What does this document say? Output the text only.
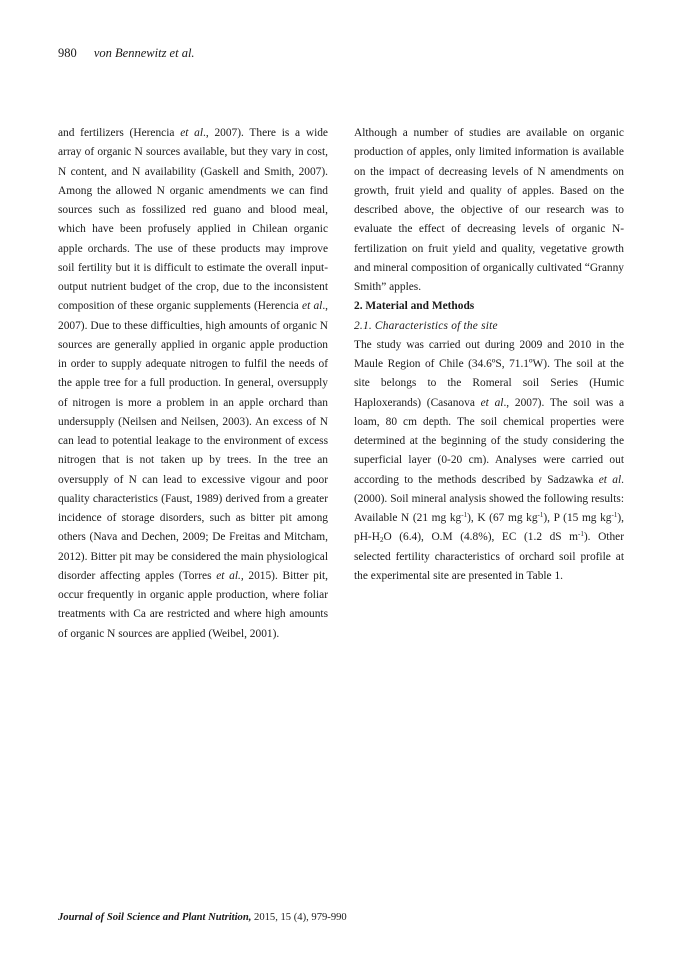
980 von Bennewitz et al.

and fertilizers (Herencia et al., 2007). There is a wide array of organic N sources available, but they vary in cost, N content, and N availability (Gaskell and Smith, 2007). Among the allowed N organic amendments we can find sources such as fossilized red guano and blood meal, which have been profusely applied in Chilean organic apple orchards. The use of these products may improve soil fertility but it is difficult to estimate the overall input-output nutrient budget of the crop, due to the inconsistent composition of these organic supplements (Herencia et al., 2007). Due to these difficulties, high amounts of organic N sources are generally applied in organic apple production in order to supply adequate nitrogen to fulfil the needs of the apple tree for a full production. In general, oversupply of nitrogen is more a problem in an apple orchard than undersupply (Neilsen and Neilsen, 2003). An excess of N can lead to potential leakage to the environment of excess nitrogen that is not taken up by trees. In the tree an oversupply of N can lead to excessive vigour and poor quality characteristics (Faust, 1989) derived from a greater incidence of storage disorders, such as bitter pit among others (Nava and Dechen, 2009; De Freitas and Mitcham, 2012). Bitter pit may be considered the main physiological disorder affecting apples (Torres et al., 2015). Bitter pit, occur frequently in organic apple production, where foliar treatments with Ca are restricted and where high amounts of organic N sources are applied (Weibel, 2001).

Although a number of studies are available on organic production of apples, only limited information is available on the impact of decreasing levels of N amendments on growth, fruit yield and quality of apples. Based on the described above, the objective of our research was to evaluate the effect of decreasing levels of organic N-fertilization on fruit yield and quality, vegetative growth and mineral composition of organically cultivated “Granny Smith” apples.

2. Material and Methods

2.1. Characteristics of the site

The study was carried out during 2009 and 2010 in the Maule Region of Chile (34.6ºS, 71.1ºW). The soil at the site belongs to the Romeral soil Series (Humic Haploxerands) (Casanova et al., 2007). The soil was a loam, 80 cm depth. The soil chemical properties were determined at the beginning of the study considering the superficial layer (0-20 cm). Analyses were carried out according to the methods described by Sadzawka et al. (2000). Soil mineral analysis showed the following results: Available N (21 mg $kg^{-1}$), K (67 mg $kg^{-1}$), P (15 mg $kg^{-1}$), $pH-H_2O$ (6.4), O.M (4.8%), EC (1.2 dS $m^{-1}$). Other selected fertility characteristics of orchard soil profile at the experimental site are presented in Table 1.

Journal of Soil Science and Plant Nutrition, 2015, 15 (4), 979-990
